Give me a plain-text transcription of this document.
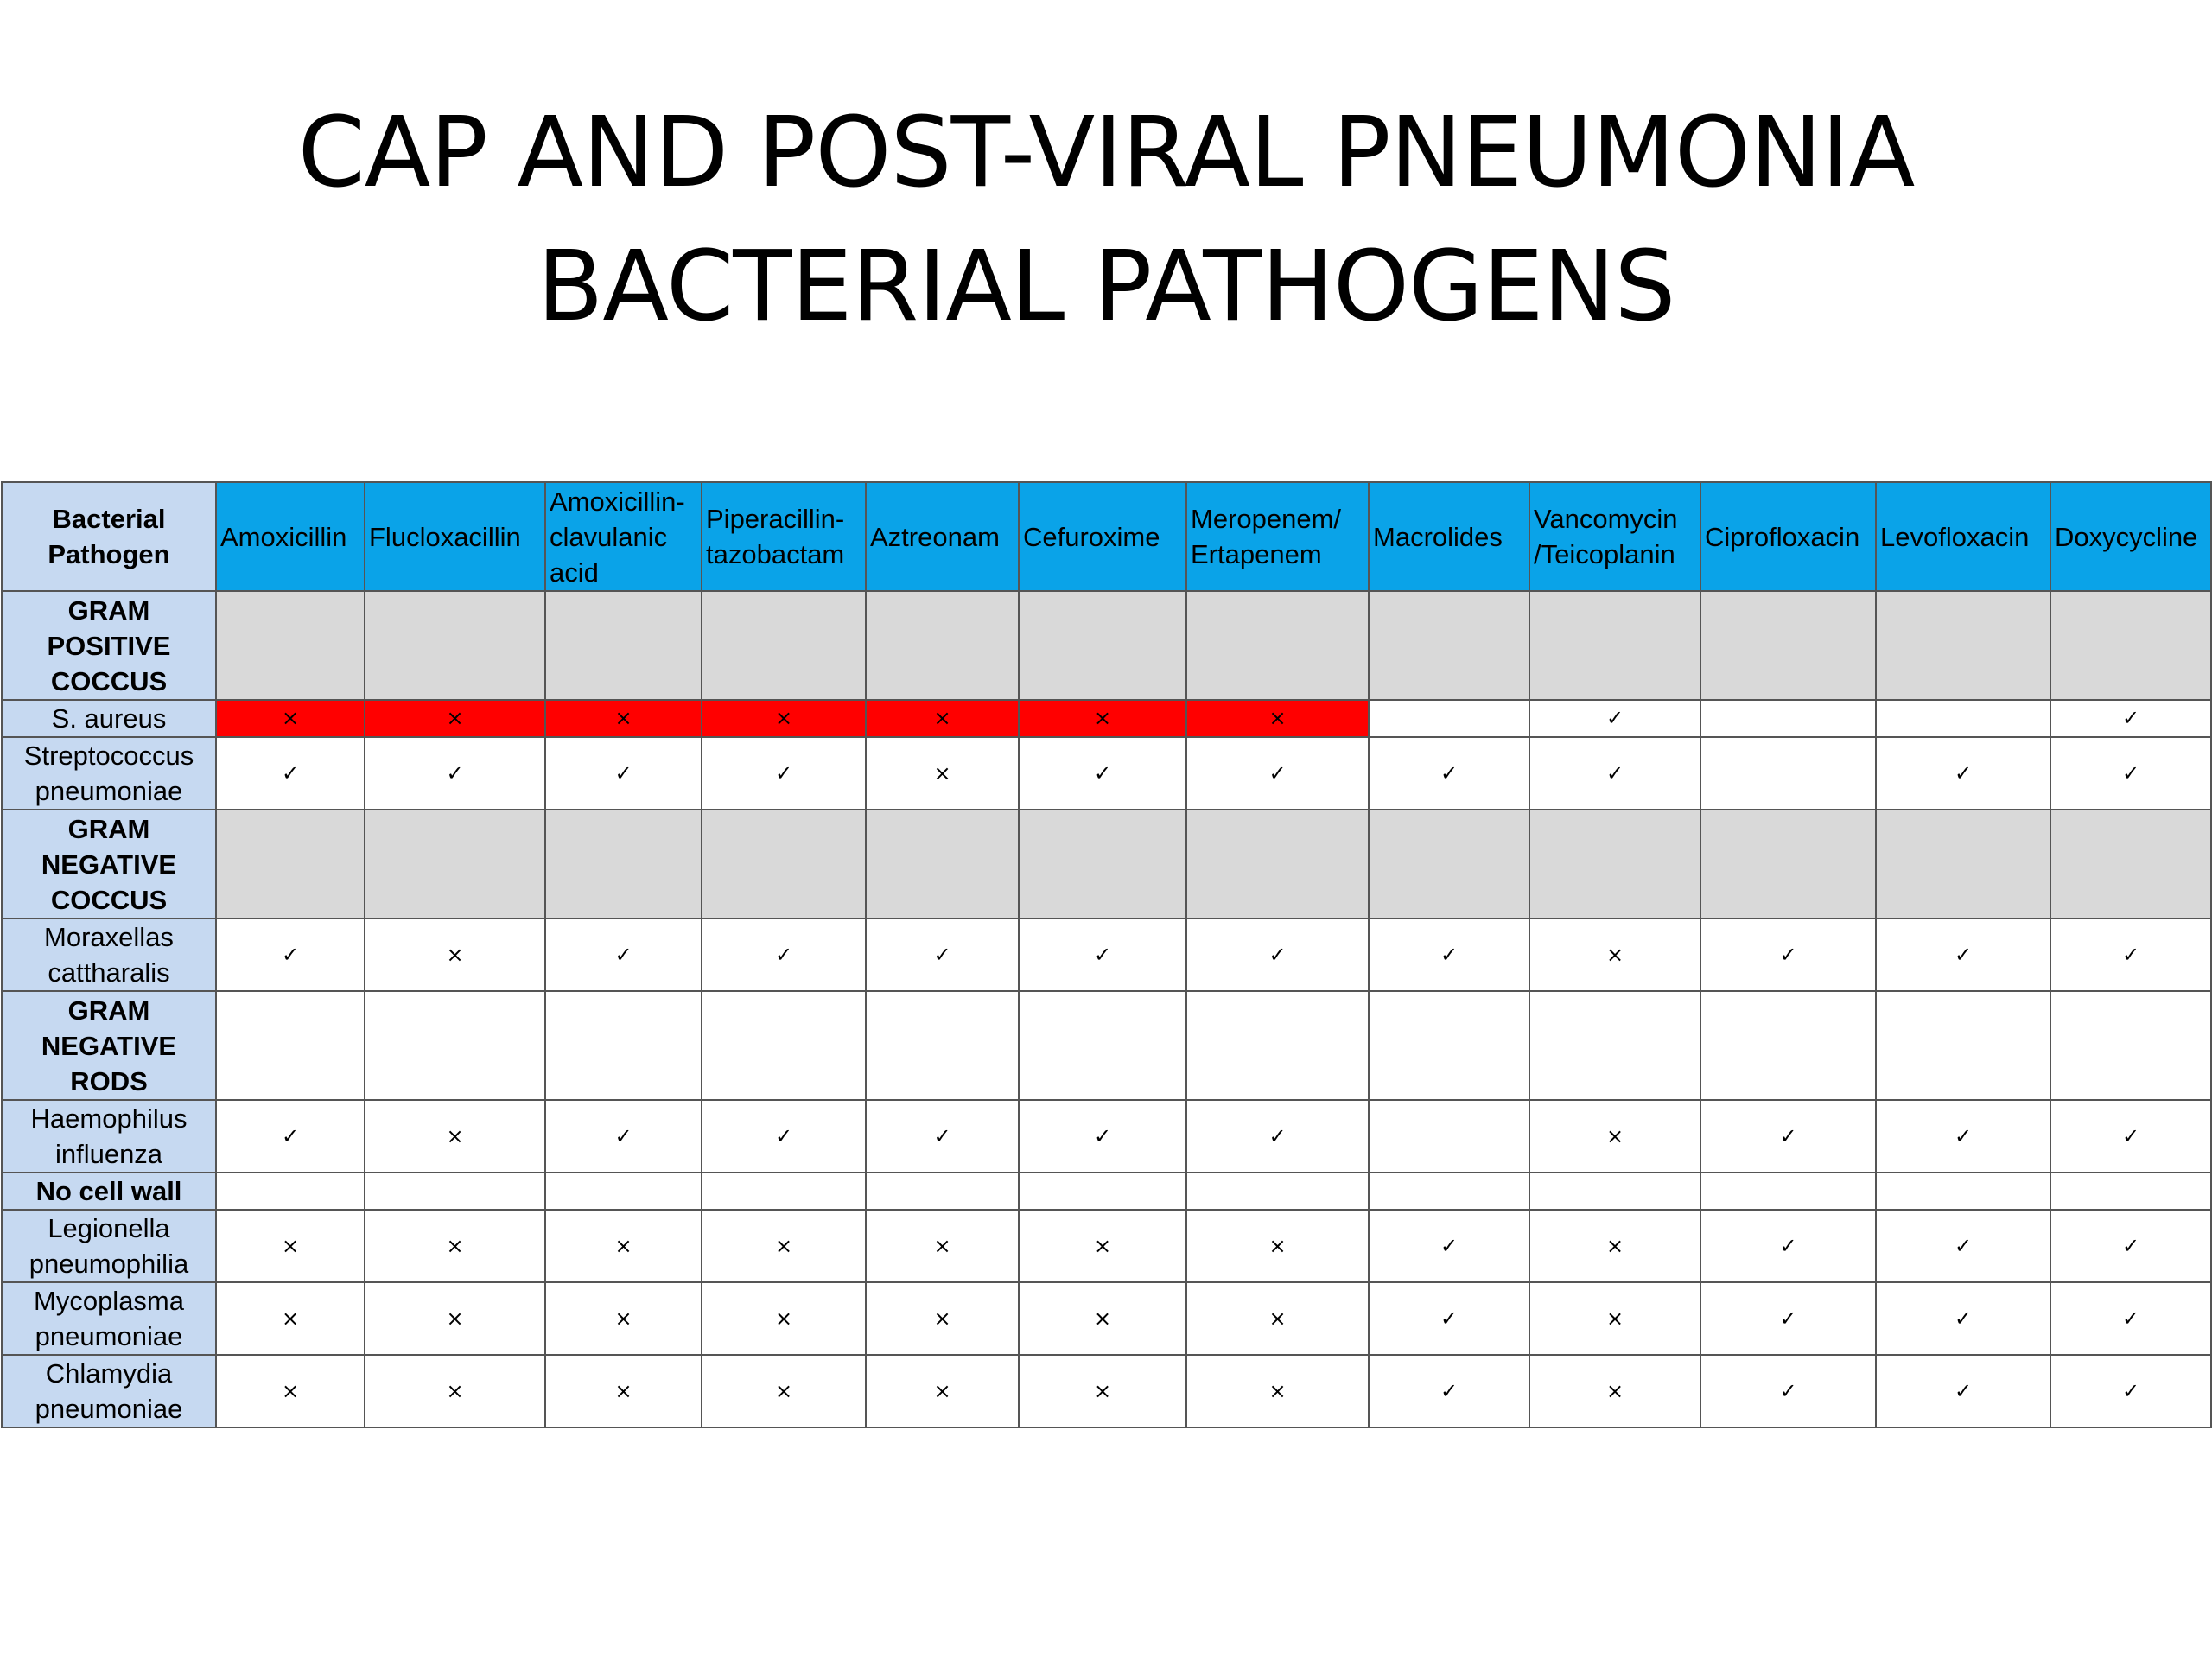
CAP AND POST-VIRAL PNEUMONIA
BACTERIAL PATHOGENS
Bacterial Pathogen	Amoxicillin	Flucloxacillin	Amoxicillin-clavulanic acid	Piperacillin-tazobactam	Aztreonam	Cefuroxime	Meropenem/ Ertapenem	Macrolides	Vancomycin /Teicoplanin	Ciprofloxacin	Levofloxacin	Doxycycline
GRAM POSITIVE COCCUS												
S. aureus	×	×	×	×	×	×	×		✓			✓
Streptococcus pneumoniae	✓	✓	✓	✓	×	✓	✓	✓	✓		✓	✓
GRAM NEGATIVE COCCUS												
Moraxellas cattharalis	✓	×	✓	✓	✓	✓	✓	✓	×	✓	✓	✓
GRAM NEGATIVE RODS												
Haemophilus influenza	✓	×	✓	✓	✓	✓	✓		×	✓	✓	✓
No cell wall												
Legionella pneumophilia	×	×	×	×	×	×	×	✓	×	✓	✓	✓
Mycoplasma pneumoniae	×	×	×	×	×	×	×	✓	×	✓	✓	✓
Chlamydia pneumoniae	×	×	×	×	×	×	×	✓	×	✓	✓	✓
